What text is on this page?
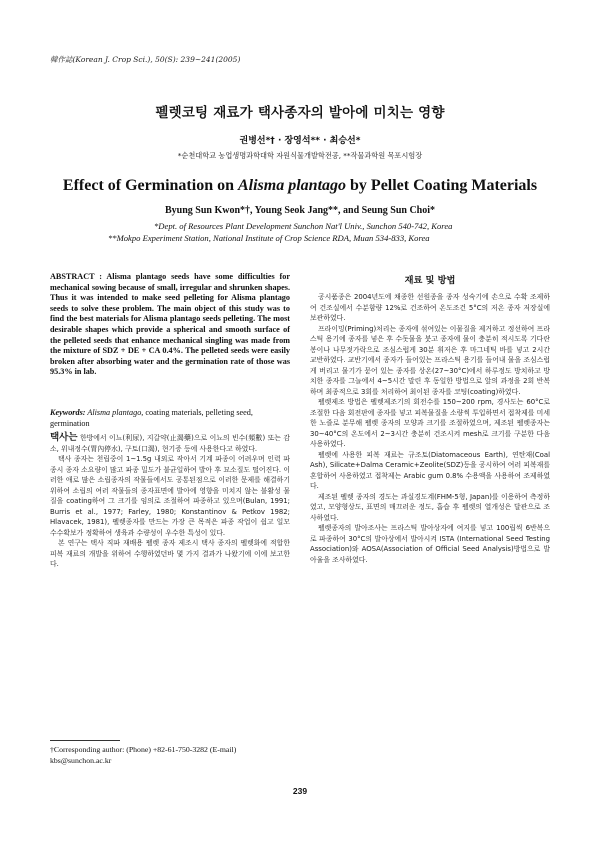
韓作誌(Korean J. Crop Sci.), 50(S): 239~241(2005)
펠렛코팅 재료가 택사종자의 발아에 미치는 영향
권병선*† · 장영석** · 최승선*
*순천대학교 농업생명과학대학 자원식물개발학전공, **작물과학원 목포시험장
Effect of Germination on Alisma plantago by Pellet Coating Materials
Byung Sun Kwon*†, Young Seok Jang**, and Seung Sun Choi*
*Dept. of Resources Plant Development Sunchon Nat'l Univ., Sunchon 540-742, Korea
**Mokpo Experiment Station, National Institute of Crop Science RDA, Muan 534-833, Korea
ABSTRACT : Alisma plantago seeds have some difficulties for mechanical sowing because of small, irregular and shrunken shapes. Thus it was intended to make seed pelleting for Alisma plantago seeds to solve these problem. The main object of this study was to find the best materials for Alisma plantago seeds pelleting. The most desirable shapes which provide a spherical and smooth surface of the pelleted seeds that enhance mechanical singling was made from the mixture of SDZ + DE + CA 0.4%. The pelleted seeds were easily broken after absorbing water and the germination rate of those was 95.3% in lab.
Keywords: Alisma plantago, coating materials, pelleting seed, germination

택사는 한방에서 이뇨(利尿), 지갈약(止渴藥)으로 이뇨의 빈수(頻數) 또는 감소, 위내정수(胃內停水), 구토(口渴), 현기증 등에 사용한다고 하였다.

택사 종자는 천립중이 1~1.5g 내외로 작아서 기계 파종이 어려우며 인력 파종시 종자 소요량이 많고 파종 밀도가 불균일하여 발아 후 묘소질도 떨어진다. 이러한 애로 많은 소립종자의 작물들에서도 공통된점으로 이러한 문제를 해결하기 위하여 소립의 여러 작물들의 종자표면에 발아에 영향을 미치지 않는 불활성 물질을 coating하여 그 크기를 임의로 조절하여 파종하고 있으며(Bulan, 1991; Burris et al., 1977; Farley, 1980; Konstantinov & Petkov 1982; Hlavacek, 1981), 펠렛종자를 만드는 가장 큰 목적은 파종 작업이 쉽고 일모 수수확보가 정확하여 생육과 수량성이 우수한 특성이 있다.

본 연구는 택사 직파 재배용 펠렛 종자 제조시 택사 종자의 펠렛화에 적합한 피복 재료의 개발을 위하여 수행하였던바 몇 가지 결과가 나왔기에 이에 보고한다.

†Corresponding author: (Phone) +82-61-750-3282 (E-mail) kbs@sunchon.ac.kr
재료 및 방법

공시품종은 2004년도에 채종한 선원종을 종자 성숙기에 손으로 수확 조제하여 건조실에서 수분함량 12%로 건조하여 온도조건 5°C의 저온 종자 저장실에 보관하였다.

프라이밍(Priming)처리는 종자에 섞여있는 이물질을 제거하고 정선하여 프라스틱 용기에 종자를 넣은 후 수돗물을 붓고 종자에 물이 충분히 적시도록 기다란 봉이나 나무젓가락으로 조심스럽게 30분 휘저은 후 마그네틱 바를 넣고 2시간 교반하였다. 교반기에서 종자가 들어있는 프라스틱 용기를 들어내 물을 조심스럽게 버리고 물기가 묻어 있는 종자를 상온(27~30°C)에서 하루정도 방치하고 방치한 종자를 그늘에서 4~5시간 말린 후 동일한 방법으로 앞의 과정을 2회 반복하며 최종적으로 3회를 처리하여 최이된 종자를 코팅(coating)하였다.

펠렛제조 방법은 펠렛제조기의 회전수를 150~200 rpm, 경사도는 60°C로 조절한 다음 회전판에 종자를 넣고 피복물질을 소량씩 투입하면서 접착제를 미세한 노즐로 분무해 펠렛 종자의 모양과 크기를 조절하였으며, 제조된 펠렛종자는 30~40°C의 온도에서 2~3시간 충분히 건조시켜 mesh로 크기를 구분한 다음 사용하였다.

펠렛에 사용한 피복 재료는 규조토(Diatomaceous Earth), 연탄재(Coal Ash), Silicate+Dalma Ceramic+Zeolite(SDZ)등을 공시하여 여러 피복재를 혼합하여 사용하였고 접착제는 Arabic gum 0.8% 수용액을 사용하여 조제하였다.

제조된 펠렛 종자의 경도는 과실경도계(FHM-5형, Japan)를 이용하여 측정하였고, 모양형상도, 표면의 매끄러운 정도, 흡습 후 펠렛의 열개성은 달관으로 조사하였다.

펠렛종자의 발아조사는 프라스틱 발아상자에 여지를 넣고 100립씩 6반복으로 파종하여 30°C의 발아상에서 발아시켜 ISTA (International Seed Testing Association)와 AOSA(Association of Official Seed Analysis)방법으로 발아율을 조사하였다.

239
